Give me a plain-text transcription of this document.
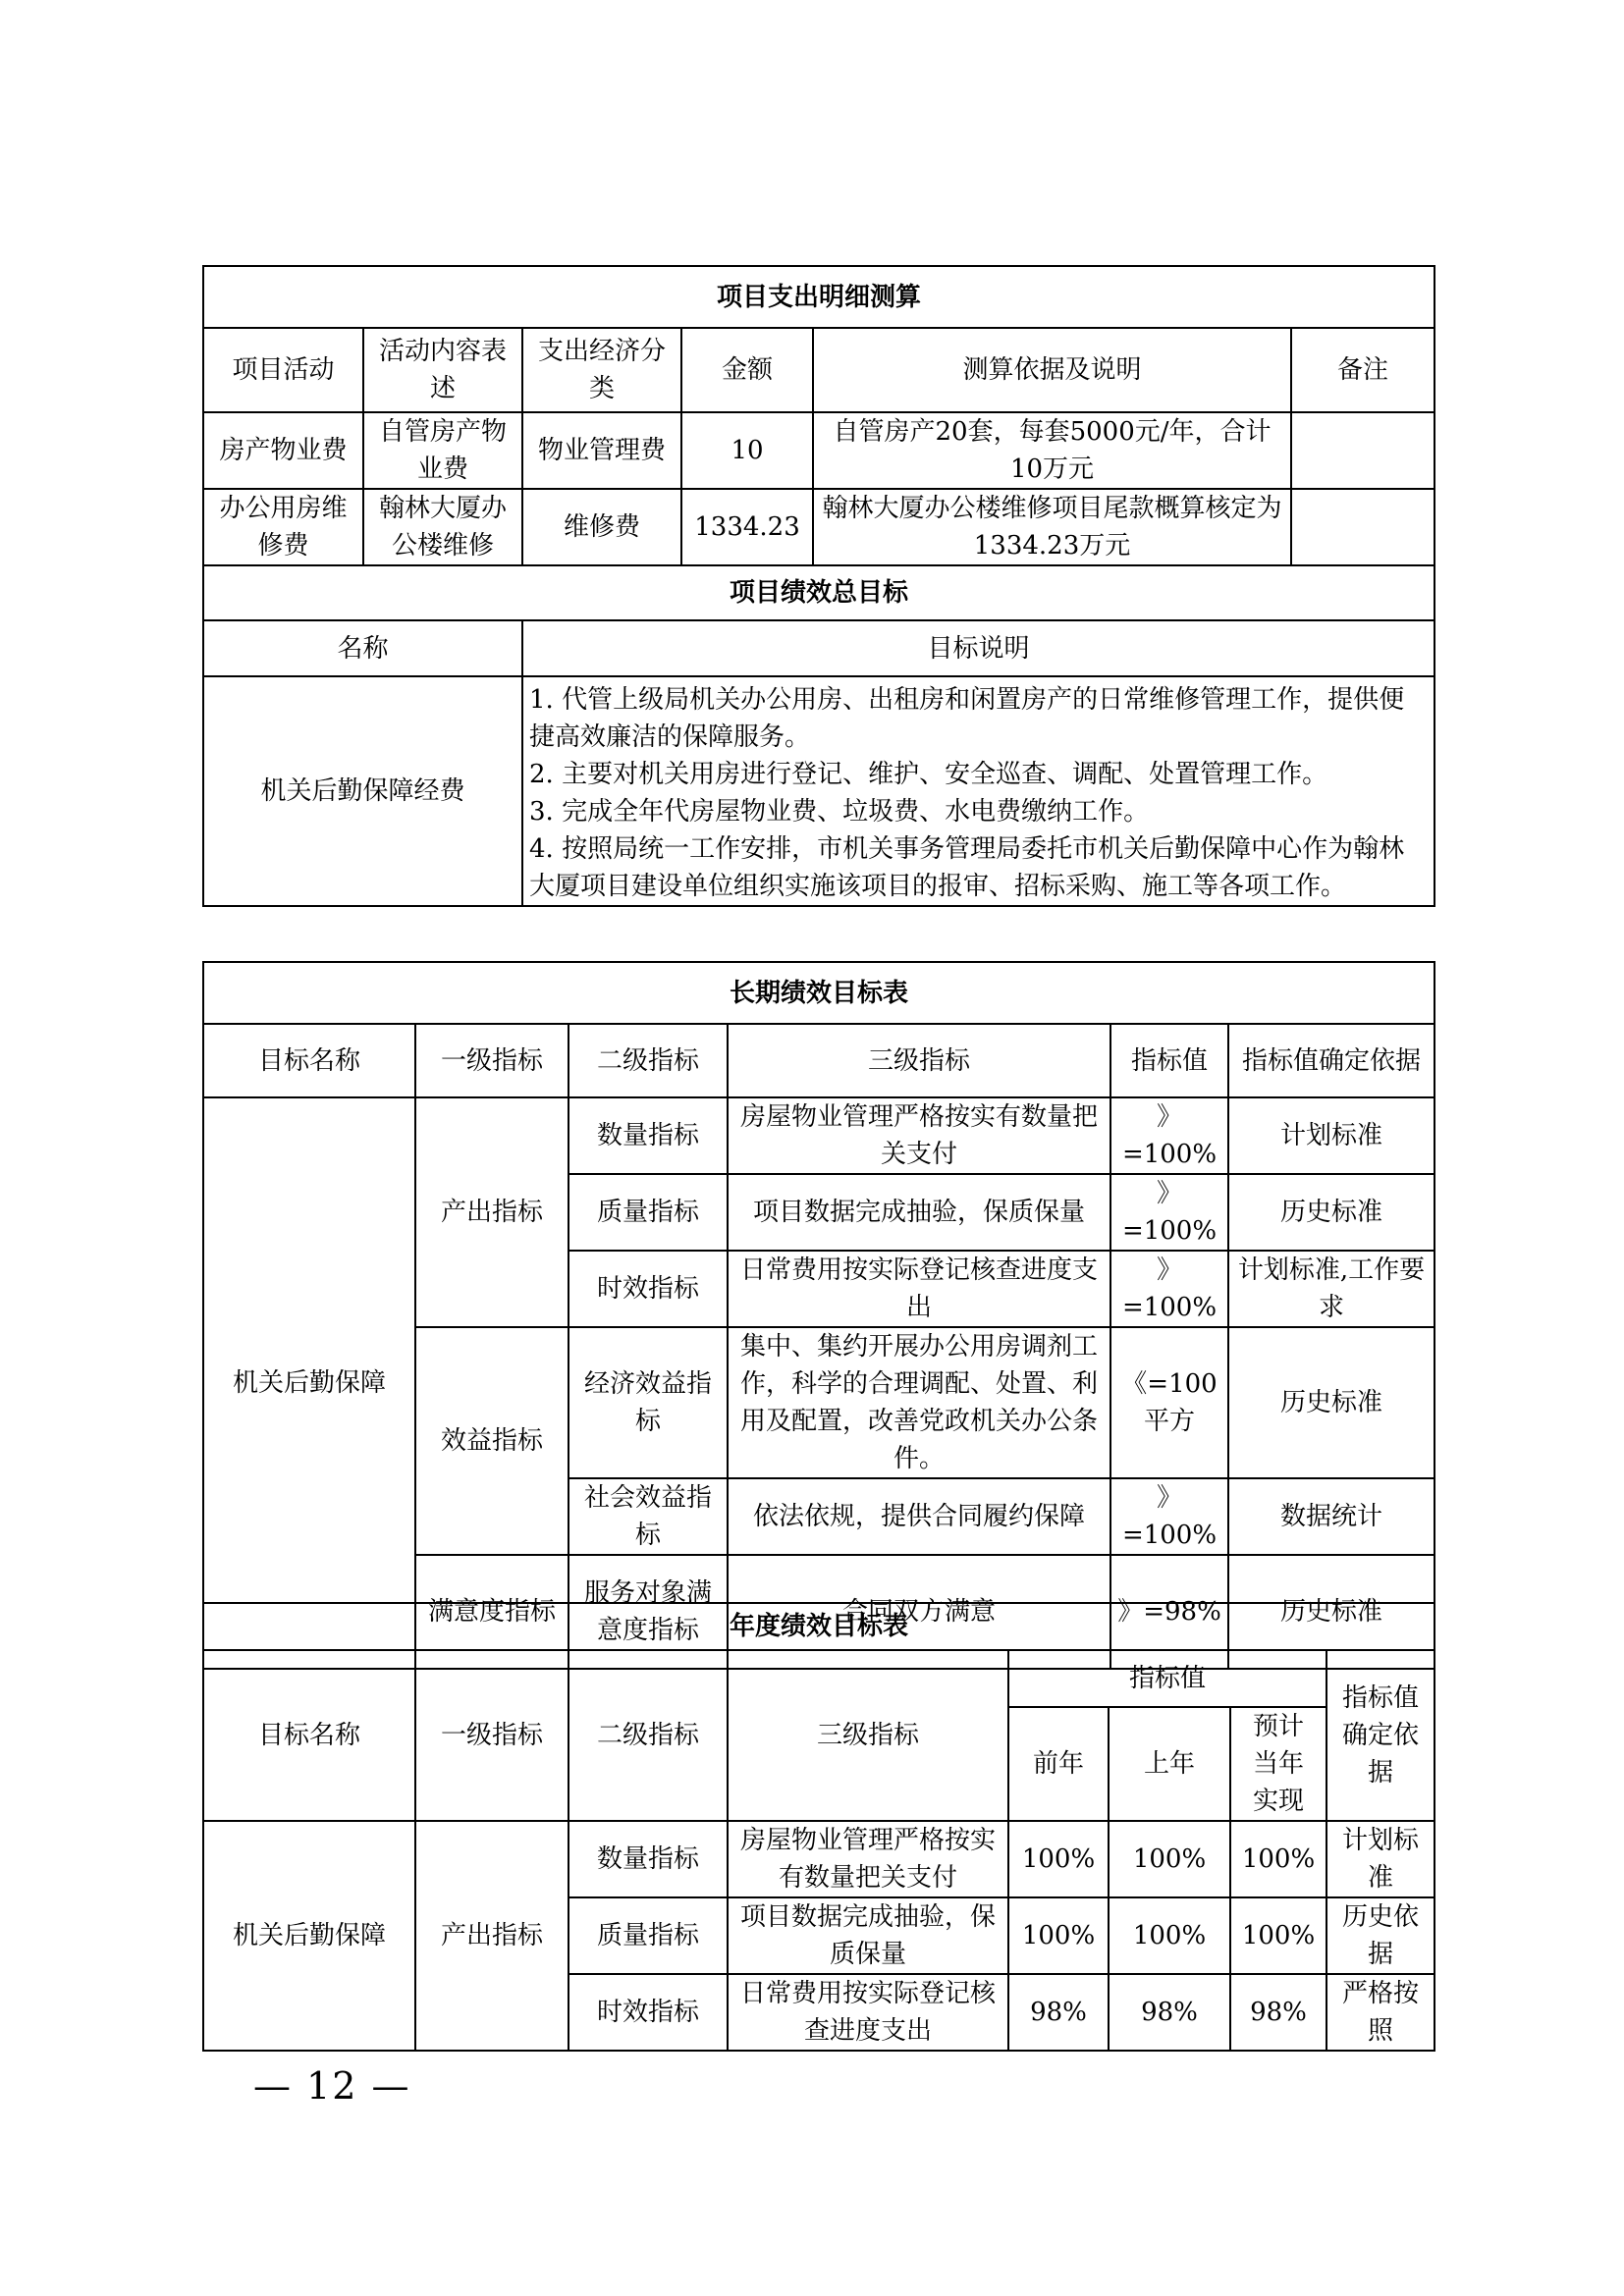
项目支出明细测算					
项目活动	活动内容表述	支出经济分类	金额	测算依据及说明	备注
房产物业费	自管房产物业费	物业管理费	10	自管房产20套，每套5000元/年，合计10万元	
办公用房维修费	翰林大厦办公楼维修	维修费	1334.23	翰林大厦办公楼维修项目尾款概算核定为1334.23万元	
项目绩效总目标					
名称		目标说明			
机关后勤保障经费		1. 代管上级局机关办公用房、出租房和闲置房产的日常维修管理工作，提供便捷高效廉洁的保障服务。
2. 主要对机关用房进行登记、维护、安全巡查、调配、处置管理工作。
3. 完成全年代房屋物业费、垃圾费、水电费缴纳工作。
4. 按照局统一工作安排，市机关事务管理局委托市机关后勤保障中心作为翰林大厦项目建设单位组织实施该项目的报审、招标采购、施工等各项工作。			
长期绩效目标表					
目标名称	一级指标	二级指标	三级指标	指标值	指标值确定依据
机关后勤保障	产出指标	数量指标	房屋物业管理严格按实有数量把关支付	》=100%	计划标准
		质量指标	项目数据完成抽验，保质保量	》=100%	历史标准
		时效指标	日常费用按实际登记核查进度支出	》=100%	计划标准,工作要求
	效益指标	经济效益指标	集中、集约开展办公用房调剂工作，科学的合理调配、处置、利用及配置，改善党政机关办公条件。	《=100平方	历史标准
		社会效益指标	依法依规，提供合同履约保障	》=100%	数据统计
	满意度指标	服务对象满意度指标	合同双方满意	》=98%	历史标准
年度绩效目标表							
目标名称	一级指标	二级指标	三级指标	指标值			指标值确定依据
				前年	上年	预计当年实现	
机关后勤保障	产出指标	数量指标	房屋物业管理严格按实有数量把关支付	100%	100%	100%	计划标准
		质量指标	项目数据完成抽验，保质保量	100%	100%	100%	历史依据
		时效指标	日常费用按实际登记核查进度支出	98%	98%	98%	严格按照
— 12 —
